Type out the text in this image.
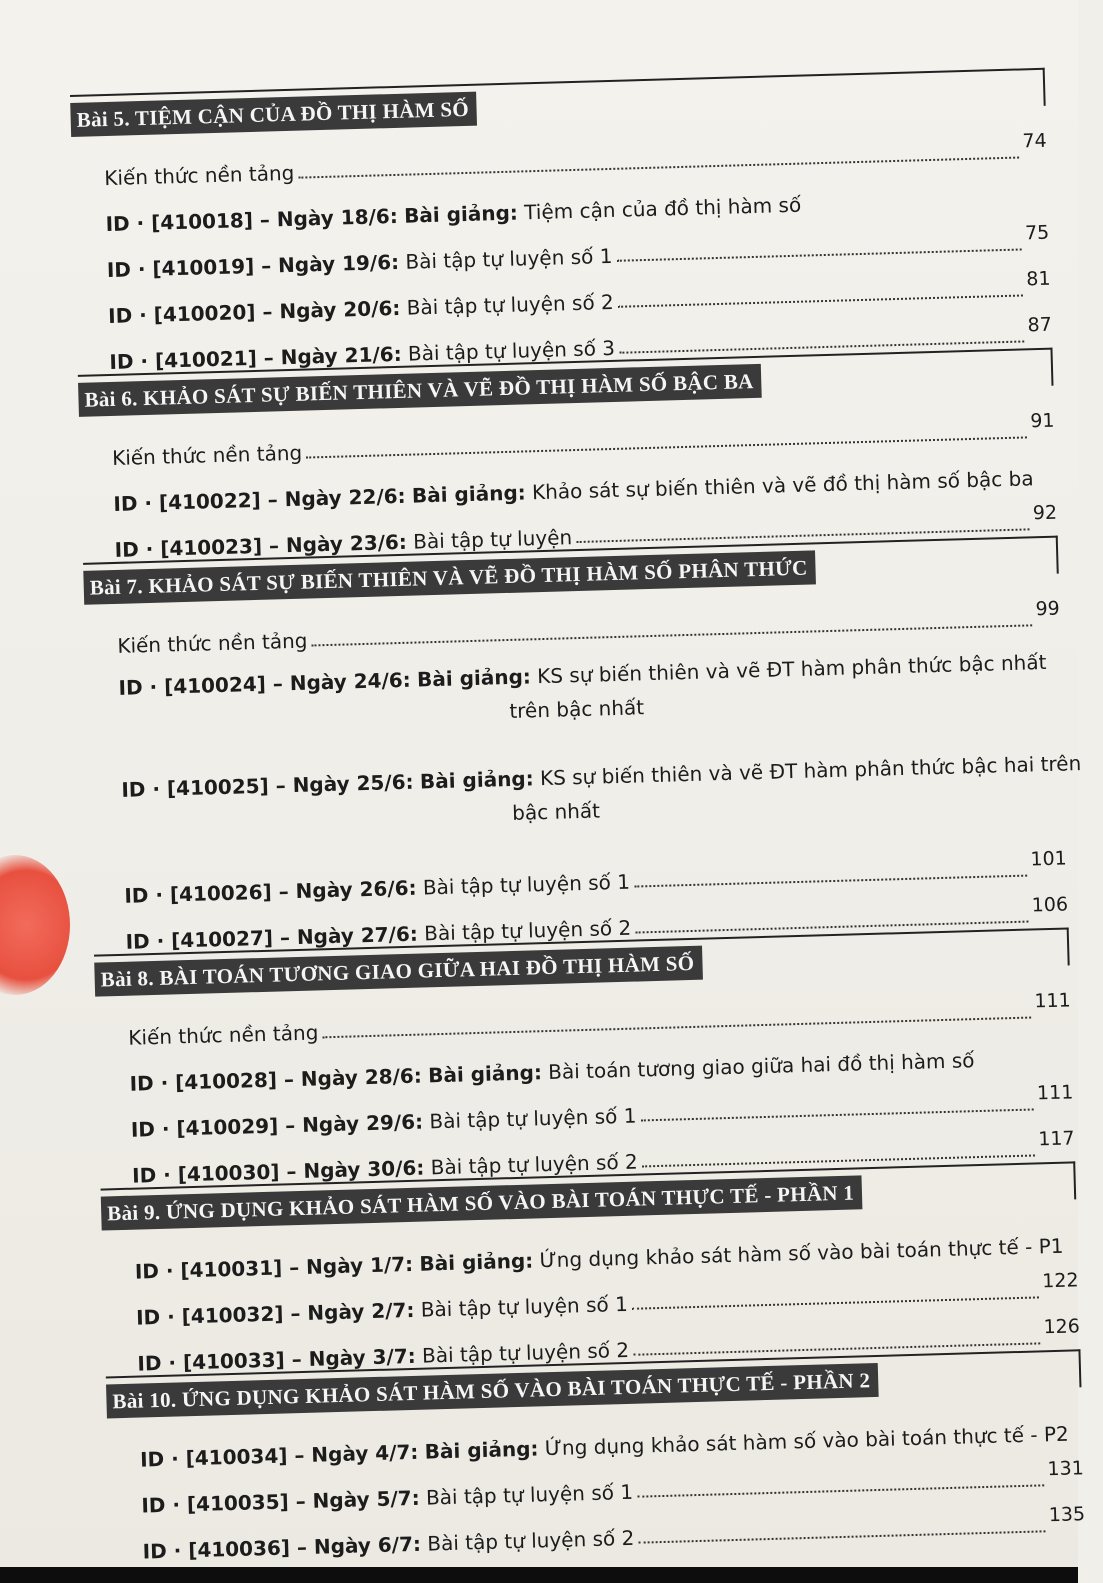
Bài 5. TIỆM CẬN CỦA ĐỒ THỊ HÀM SỐ
Kiến thức nền tảng
74
ID · [410018] – Ngày 18/6: Bài giảng: Tiệm cận của đồ thị hàm số
ID · [410019] – Ngày 19/6: Bài tập tự luyện số 1
75
ID · [410020] – Ngày 20/6: Bài tập tự luyện số 2
81
ID · [410021] – Ngày 21/6: Bài tập tự luyện số 3
87
Bài 6. KHẢO SÁT SỰ BIẾN THIÊN VÀ VẼ ĐỒ THỊ HÀM SỐ BẬC BA
Kiến thức nền tảng
91
ID · [410022] – Ngày 22/6: Bài giảng: Khảo sát sự biến thiên và vẽ đồ thị hàm số bậc ba
ID · [410023] – Ngày 23/6: Bài tập tự luyện
92
Bài 7. KHẢO SÁT SỰ BIẾN THIÊN VÀ VẼ ĐỒ THỊ HÀM SỐ PHÂN THỨC
Kiến thức nền tảng
99
ID · [410024] – Ngày 24/6: Bài giảng: KS sự biến thiên và vẽ ĐT hàm phân thức bậc nhất
trên bậc nhất
ID · [410025] – Ngày 25/6: Bài giảng: KS sự biến thiên và vẽ ĐT hàm phân thức bậc hai trên
bậc nhất
ID · [410026] – Ngày 26/6: Bài tập tự luyện số 1
101
ID · [410027] – Ngày 27/6: Bài tập tự luyện số 2
106
Bài 8. BÀI TOÁN TƯƠNG GIAO GIỮA HAI ĐỒ THỊ HÀM SỐ
Kiến thức nền tảng
111
ID · [410028] – Ngày 28/6: Bài giảng: Bài toán tương giao giữa hai đồ thị hàm số
ID · [410029] – Ngày 29/6: Bài tập tự luyện số 1
111
ID · [410030] – Ngày 30/6: Bài tập tự luyện số 2
117
Bài 9. ỨNG DỤNG KHẢO SÁT HÀM SỐ VÀO BÀI TOÁN THỰC TẾ - PHẦN 1
ID · [410031] – Ngày 1/7: Bài giảng: Ứng dụng khảo sát hàm số vào bài toán thực tế - P1
ID · [410032] – Ngày 2/7: Bài tập tự luyện số 1
122
ID · [410033] – Ngày 3/7: Bài tập tự luyện số 2
126
Bài 10. ỨNG DỤNG KHẢO SÁT HÀM SỐ VÀO BÀI TOÁN THỰC TẾ - PHẦN 2
ID · [410034] – Ngày 4/7: Bài giảng: Ứng dụng khảo sát hàm số vào bài toán thực tế - P2
ID · [410035] – Ngày 5/7: Bài tập tự luyện số 1
131
ID · [410036] – Ngày 6/7: Bài tập tự luyện số 2
135
